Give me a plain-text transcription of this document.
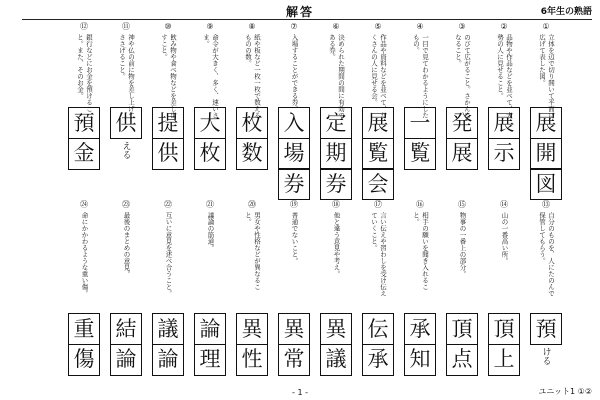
解答	6年生の熟語
①
立体を辺で切り開いて平面に広げて表した図。
展
開
図
②
品物や作品などを並べて、大勢の人に見せること。
展
示
③
のびて広がること。さかんになること。
発
展
④
一目で見てわかるようにしたもの。
一
覧
⑤
作品や資料などを並べて、たくさんの人に見せる会。
展
覧
会
⑥
決められた期間の間に有効である券。
定
期
券
⑦
入場することができる券。
入
場
券
⑧
紙や板など一枚一枚で数えるものの数。
枚
数
⑨
命令が大きく、多く、速いさま。
大
枚
⑩
飲み物や食べ物などを差し出すこと。
提
供
⑪
神や仏の前に物を差し上げてささげること。
供
える
⑫
銀行などにお金を預けること。また、そのお金。
預
金
⑬
自分のものを、人にたのんで保管してもらう。
預
ける
⑭
山の一番高い所。
頂
上
⑮
物事の一番上の部分。
頂
点
⑯
相手の願いを聞き入れること。
承
知
⑰
言い伝えや習わしを受け伝えていくこと。
伝
承
⑱
他と違う意見や考え。
異
議
⑲
普通でないこと。
異
常
⑳
男女や性格などが異なること。
異
性
㉑
議論の筋道。
論
理
㉒
互いに意見を述べ合うこと。
議
論
㉓
最後のまとめの意見。
結
論
㉔
命にかかわるような重い傷。
重
傷
- 1 -	ユニット1 ①②
